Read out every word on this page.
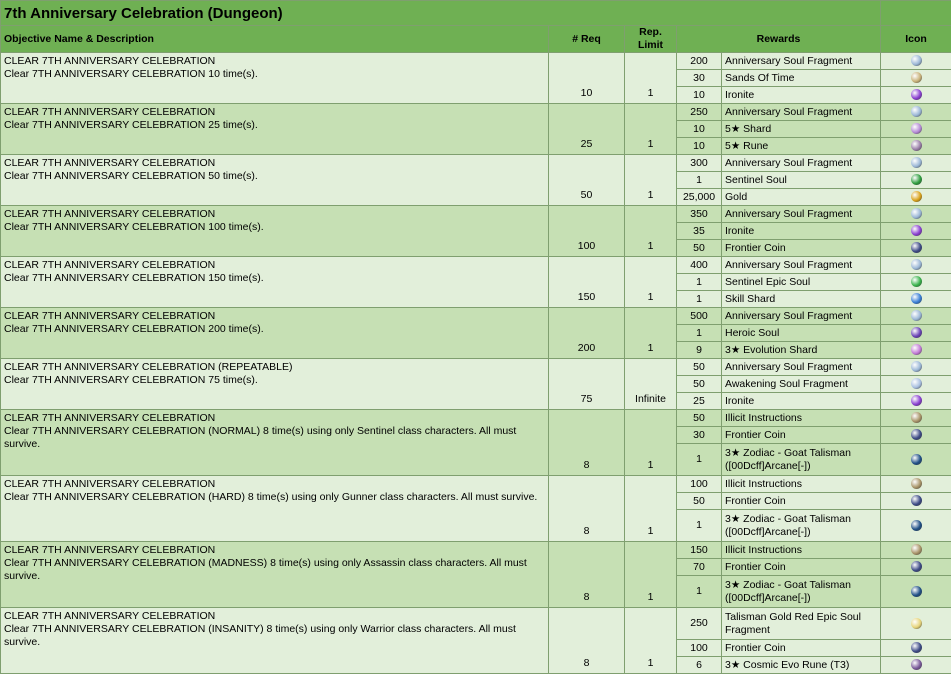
7th Anniversary Celebration (Dungeon)					
Objective Name & Description	# Req	Rep. Limit	Rewards		Icon

CLEAR 7TH ANNIVERSARY CELEBRATION
Clear 7TH ANNIVERSARY CELEBRATION 10 time(s).	10	1	200	Anniversary Soul Fragment	
			30	Sands Of Time	
			10	Ironite	

CLEAR 7TH ANNIVERSARY CELEBRATION
Clear 7TH ANNIVERSARY CELEBRATION 25 time(s).	25	1	250	Anniversary Soul Fragment	
			10	5★ Shard	
			10	5★ Rune	

CLEAR 7TH ANNIVERSARY CELEBRATION
Clear 7TH ANNIVERSARY CELEBRATION 50 time(s).	50	1	300	Anniversary Soul Fragment	
			1	Sentinel Soul	
			25,000	Gold	

CLEAR 7TH ANNIVERSARY CELEBRATION
Clear 7TH ANNIVERSARY CELEBRATION 100 time(s).	100	1	350	Anniversary Soul Fragment	
			35	Ironite	
			50	Frontier Coin	

CLEAR 7TH ANNIVERSARY CELEBRATION
Clear 7TH ANNIVERSARY CELEBRATION 150 time(s).	150	1	400	Anniversary Soul Fragment	
			1	Sentinel Epic Soul	
			1	Skill Shard	

CLEAR 7TH ANNIVERSARY CELEBRATION
Clear 7TH ANNIVERSARY CELEBRATION 200 time(s).	200	1	500	Anniversary Soul Fragment	
			1	Heroic Soul	
			9	3★ Evolution Shard	

CLEAR 7TH ANNIVERSARY CELEBRATION (REPEATABLE)
Clear 7TH ANNIVERSARY CELEBRATION 75 time(s).	75	Infinite	50	Anniversary Soul Fragment	
			50	Awakening Soul Fragment	
			25	Ironite	

CLEAR 7TH ANNIVERSARY CELEBRATION
Clear 7TH ANNIVERSARY CELEBRATION (NORMAL) 8 time(s) using only Sentinel class characters. All must survive.	8	1	50	Illicit Instructions	
			30	Frontier Coin	
			1	3★ Zodiac - Goat Talisman ([00Dcff]Arcane[-])	

CLEAR 7TH ANNIVERSARY CELEBRATION
Clear 7TH ANNIVERSARY CELEBRATION (HARD) 8 time(s) using only Gunner class characters. All must survive.	8	1	100	Illicit Instructions	
			50	Frontier Coin	
			1	3★ Zodiac - Goat Talisman ([00Dcff]Arcane[-])	

CLEAR 7TH ANNIVERSARY CELEBRATION
Clear 7TH ANNIVERSARY CELEBRATION (MADNESS) 8 time(s) using only Assassin class characters. All must survive.	8	1	150	Illicit Instructions	
			70	Frontier Coin	
			1	3★ Zodiac - Goat Talisman ([00Dcff]Arcane[-])	

CLEAR 7TH ANNIVERSARY CELEBRATION
Clear 7TH ANNIVERSARY CELEBRATION (INSANITY) 8 time(s) using only Warrior class characters. All must survive.	8	1	250	Talisman Gold Red Epic Soul Fragment	
			100	Frontier Coin	
			6	3★ Cosmic Evo Rune (T3)	
